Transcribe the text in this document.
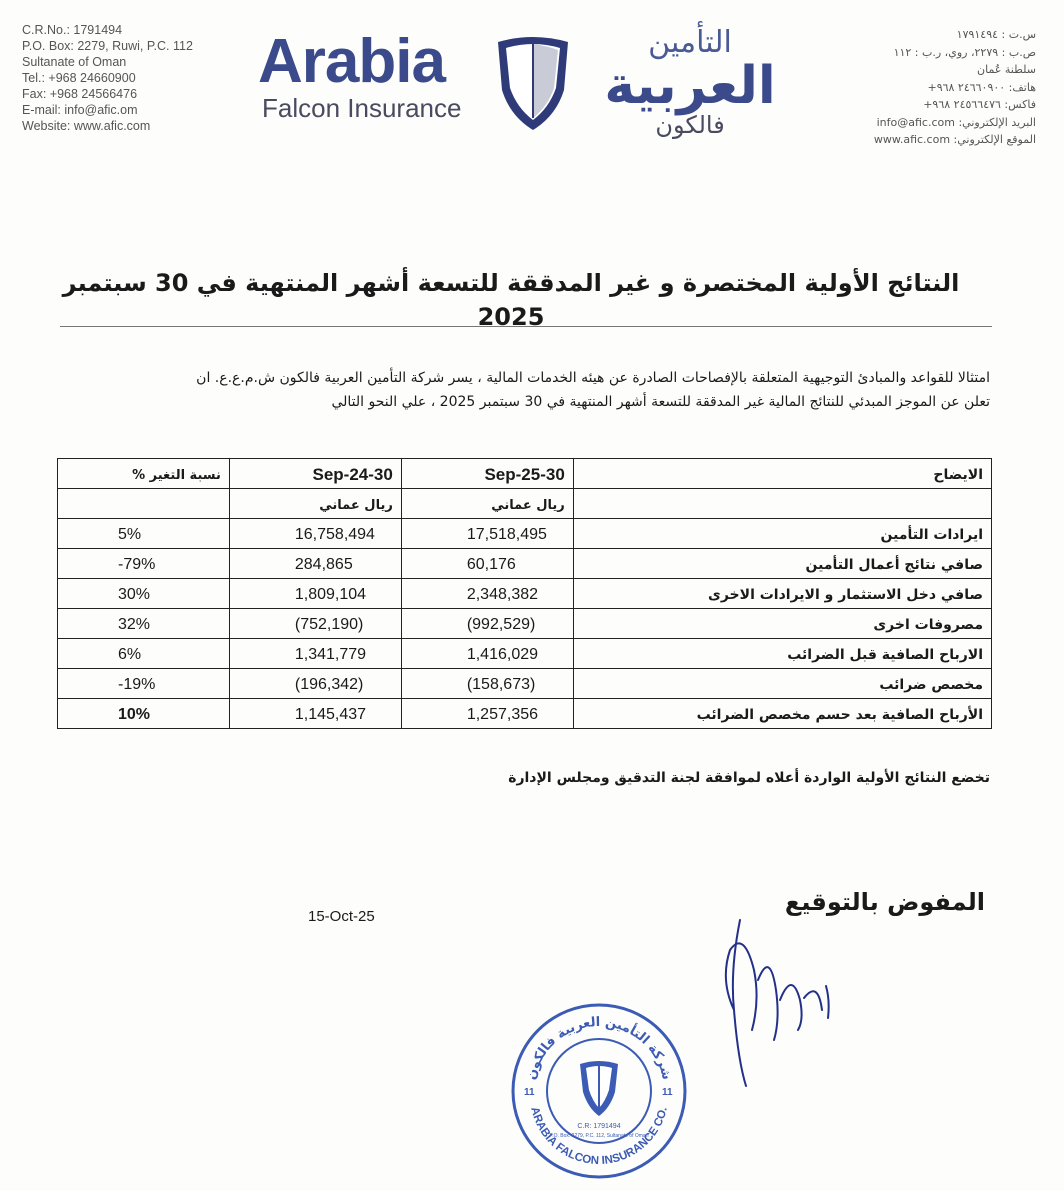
C.R.No.: 1791494
P.O. Box: 2279, Ruwi, P.C. 112
Sultanate of Oman
Tel.: +968 24660900
Fax: +968 24566476
E-mail: info@afic.om
Website: www.afic.com
Arabia
Falcon Insurance
التأمين
العربية
فالكون
س.ت : ١٧٩١٤٩٤
ص.ب : ٢٢٧٩، روي، ر.ب : ١١٢
سلطنة عُمان
هاتف: ٢٤٦٦٠٩٠٠ ٩٦٨+
فاكس: ٢٤٥٦٦٤٧٦ ٩٦٨+
البريد الإلكتروني: info@afic.com
الموقع الإلكتروني: www.afic.com
النتائج الأولية المختصرة و غير المدققة للتسعة أشهر المنتهية في 30 سبتمبر 2025

امتثالا للقواعد والمبادئ التوجيهية المتعلقة بالإفصاحات الصادرة عن هيئه الخدمات المالية ، يسر شركة التأمين العربية فالكون ش.م.ع.ع. ان

تعلن عن الموجز المبدئي للنتائج المالية غير المدققة للتسعة أشهر المنتهية في 30 سبتمبر 2025 ، علي النحو التالي

الايضاح	30-Sep-25	30-Sep-24	نسبة التغير %
	ريال عماني	ريال عماني	
ايرادات التأمين	17,518,495	16,758,494	5%
صافي نتائج أعمال التأمين	60,176	284,865	-79%
صافي دخل الاستثمار و الايرادات الاخرى	2,348,382	1,809,104	30%
مصروفات اخرى	(992,529)	(752,190)	32%
الارباح الصافية قبل الضرائب	1,416,029	1,341,779	6%
مخصص ضرائب	(158,673)	(196,342)	-19%
الأرباح الصافية بعد حسم مخصص الضرائب	1,257,356	1,145,437	10%
تخضع النتائج الأولية الواردة أعلاه لموافقة لجنة التدقيق ومجلس الإدارة
15-Oct-25
المفوض بالتوقيع
شركة التأمين العربية فالكون
ARABIA FALCON INSURANCE CO.
11	11
C.R: 1791494
P.O. Box: 2279, P.C. 112, Sultanate of Oman
